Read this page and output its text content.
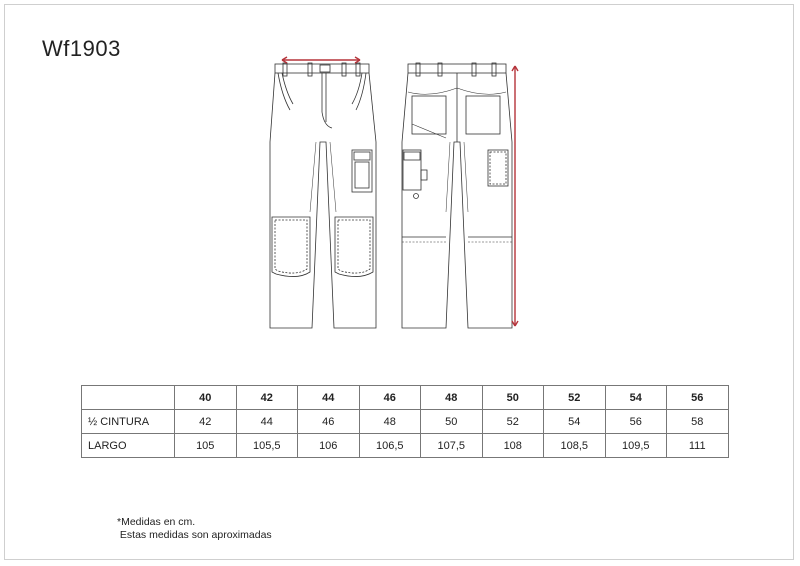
Wf1903
	40	42	44	46	48	50	52	54	56
½ CINTURA	42	44	46	48	50	52	54	56	58
LARGO	105	105,5	106	106,5	107,5	108	108,5	109,5	111
*Medidas en cm.
Estas medidas son aproximadas
